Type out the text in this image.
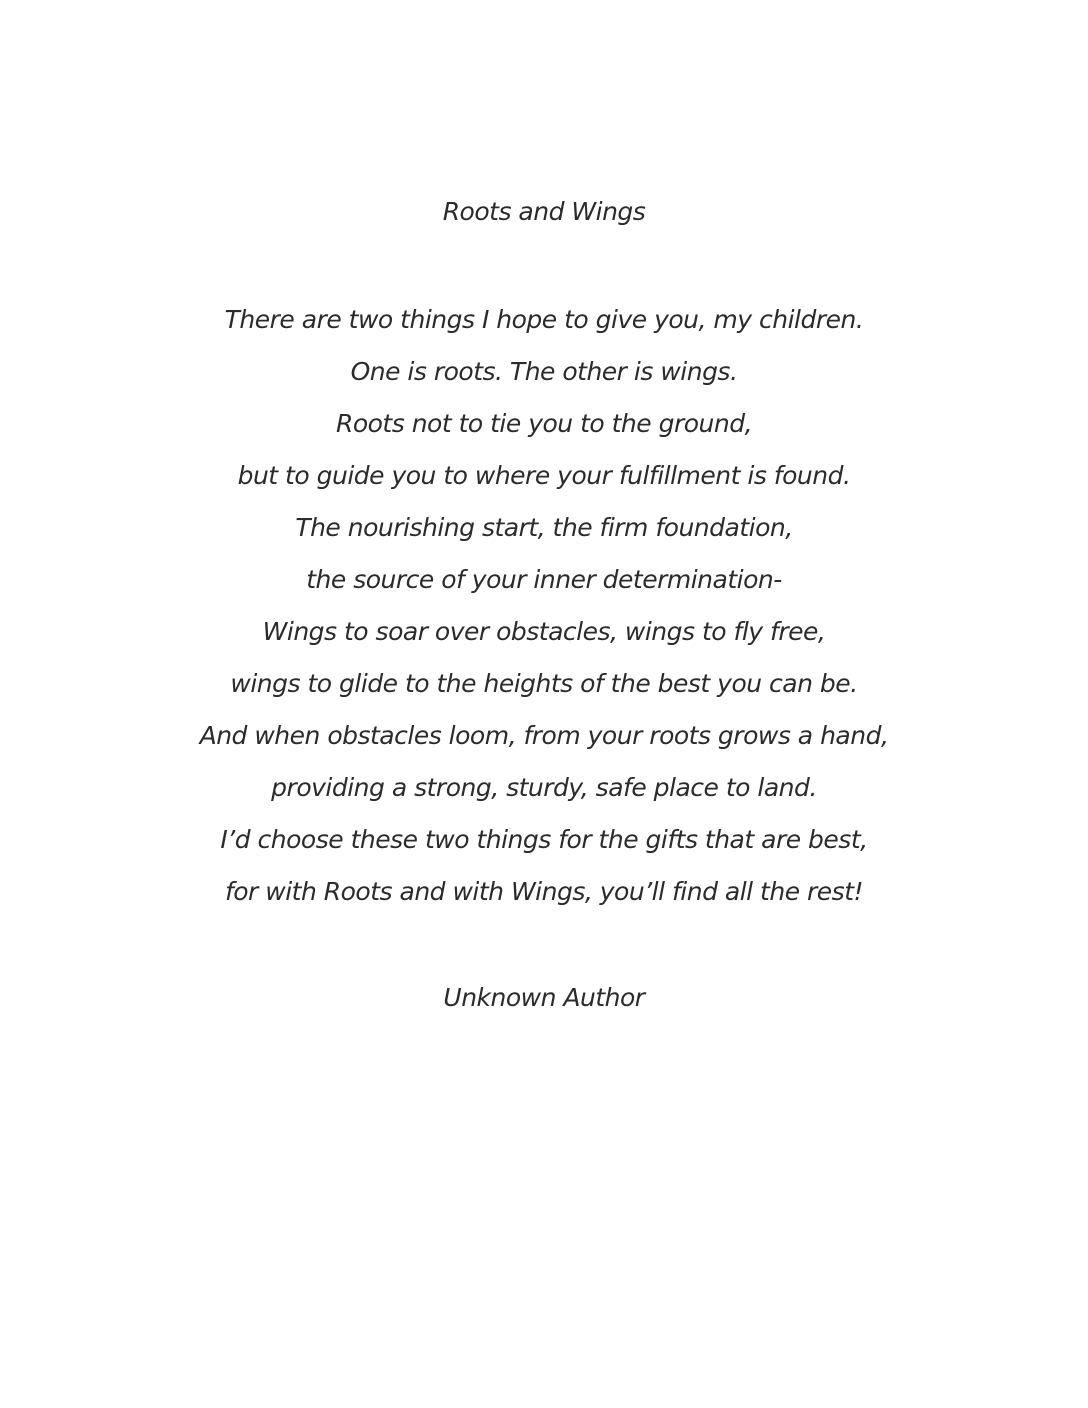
Roots and Wings
There are two things I hope to give you, my children.
One is roots. The other is wings.
Roots not to tie you to the ground,
but to guide you to where your fulfillment is found.
The nourishing start, the firm foundation,
the source of your inner determination-
Wings to soar over obstacles, wings to fly free,
wings to glide to the heights of the best you can be.
And when obstacles loom, from your roots grows a hand,
providing a strong, sturdy, safe place to land.
I’d choose these two things for the gifts that are best,
for with Roots and with Wings, you’ll find all the rest!
Unknown Author
